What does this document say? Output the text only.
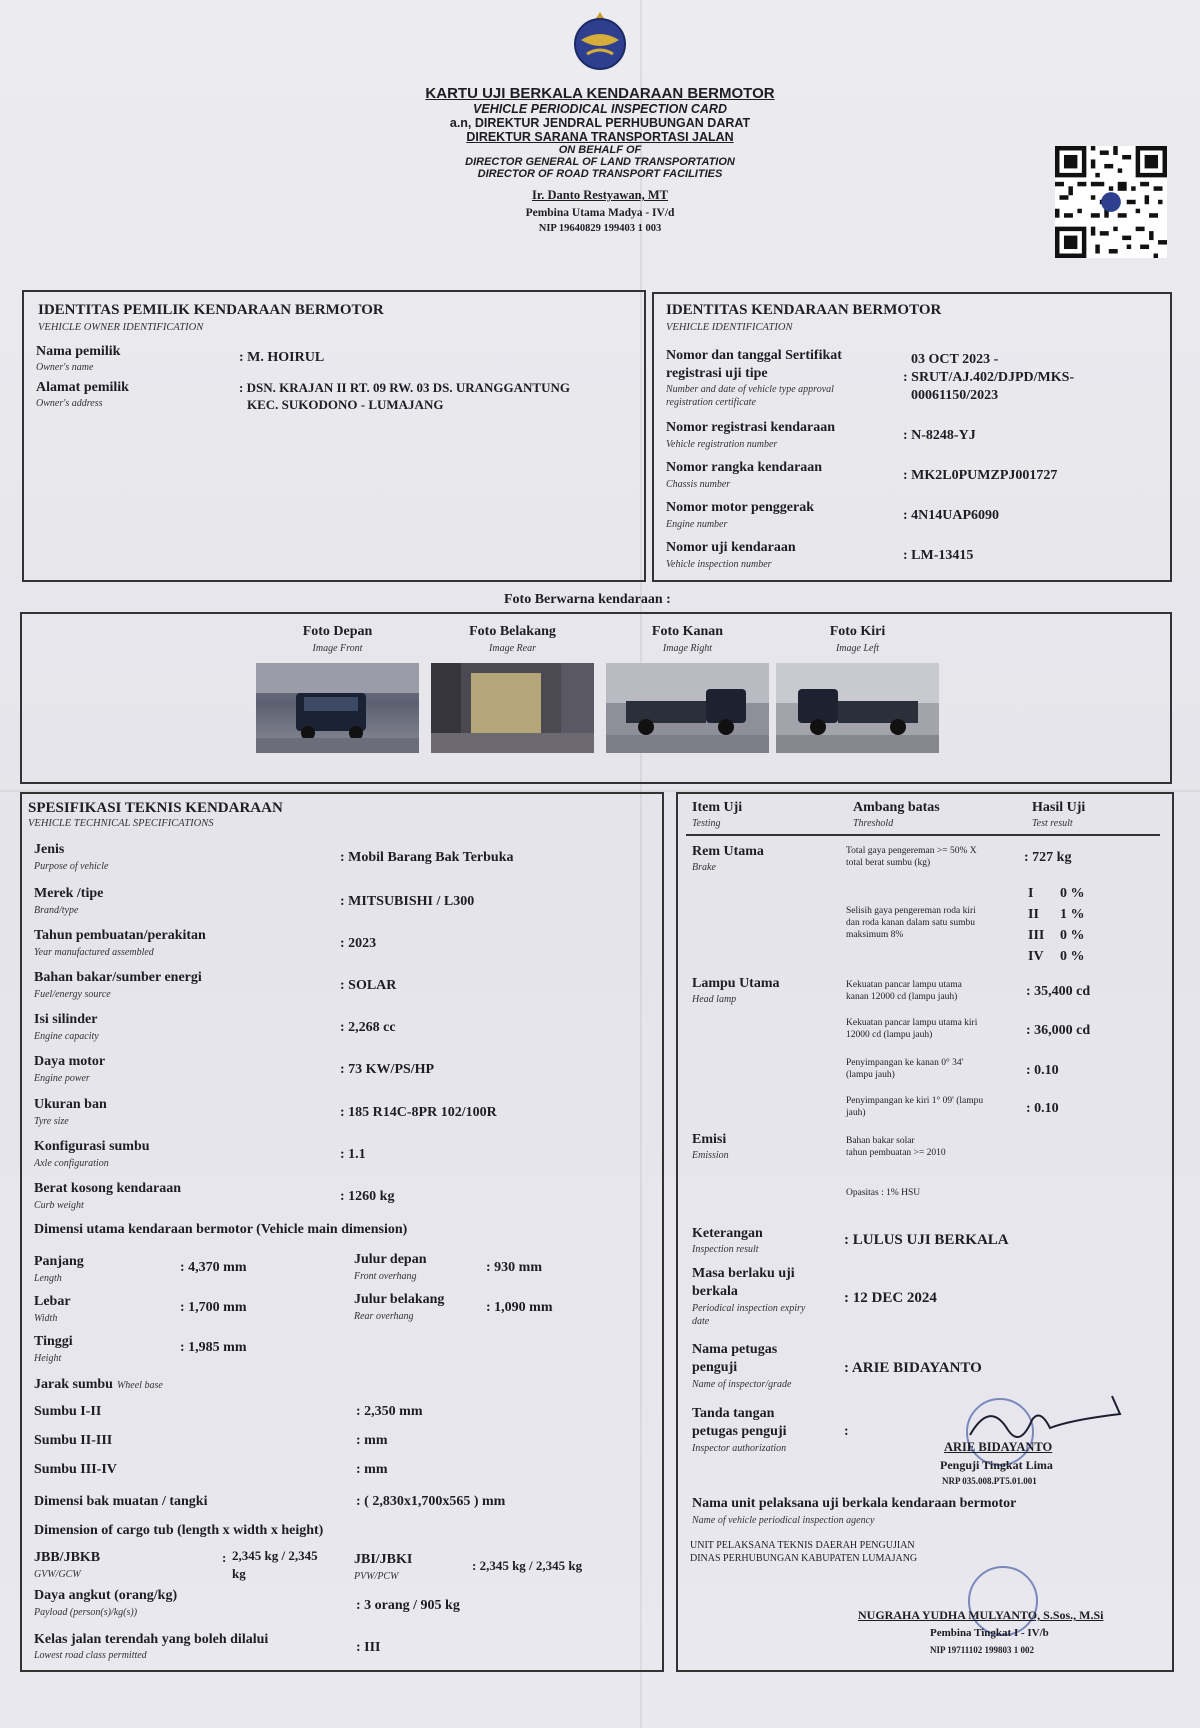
KARTU UJI BERKALA KENDARAAN BERMOTOR
VEHICLE PERIODICAL INSPECTION CARD
a.n, DIREKTUR JENDRAL PERHUBUNGAN DARAT
DIREKTUR SARANA TRANSPORTASI JALAN
ON BEHALF OF
DIRECTOR GENERAL OF LAND TRANSPORTATION
DIRECTOR OF ROAD TRANSPORT FACILITIES
Ir. Danto Restyawan, MT
Pembina Utama Madya - IV/d
NIP 19640829 199403 1 003
IDENTITAS PEMILIK KENDARAAN BERMOTOR
VEHICLE OWNER IDENTIFICATION
Nama pemilik
Owner's name
: M. HOIRUL
Alamat pemilik
Owner's address
: DSN. KRAJAN II RT. 09 RW. 03 DS. URANGGANTUNG
KEC. SUKODONO - LUMAJANG
IDENTITAS KENDARAAN BERMOTOR
VEHICLE IDENTIFICATION
Nomor dan tanggal Sertifikat
registrasi uji tipe
Number and date of vehicle type approval
registration certificate
03 OCT 2023 -
: SRUT/AJ.402/DJPD/MKS-
00061150/2023
Nomor registrasi kendaraan
Vehicle registration number
: N-8248-YJ
Nomor rangka kendaraan
Chassis number
: MK2L0PUMZPJ001727
Nomor motor penggerak
Engine number
: 4N14UAP6090
Nomor uji kendaraan
Vehicle inspection number
: LM-13415
Foto Berwarna kendaraan :
Foto Depan
Image Front
Foto Belakang
Image Rear
Foto Kanan
Image Right
Foto Kiri
Image Left
SPESIFIKASI TEKNIS KENDARAAN
VEHICLE TECHNICAL SPECIFICATIONS
Jenis
Purpose of vehicle
: Mobil Barang Bak Terbuka
Merek /tipe
Brand/type
: MITSUBISHI / L300
Tahun pembuatan/perakitan
Year manufactured assembled
: 2023
Bahan bakar/sumber energi
Fuel/energy source
: SOLAR
Isi silinder
Engine capacity
: 2,268 cc
Daya motor
Engine power
: 73 KW/PS/HP
Ukuran ban
Tyre size
: 185 R14C-8PR 102/100R
Konfigurasi sumbu
Axle configuration
: 1.1
Berat kosong kendaraan
Curb weight
: 1260 kg
Dimensi utama kendaraan bermotor (Vehicle main dimension)
Panjang
Length
: 4,370 mm
Julur depan
Front overhang
: 930 mm
Lebar
Width
: 1,700 mm
Julur belakang
Rear overhang
: 1,090 mm
Tinggi
Height
: 1,985 mm
Jarak sumbu Wheel base
Sumbu I-II	: 2,350 mm
Sumbu II-III	: mm
Sumbu III-IV	: mm
Dimensi bak muatan / tangki	: ( 2,830x1,700x565 ) mm
Dimension of cargo tub (length x width x height)
JBB/JBKB
GVW/GCW
: 2,345 kg / 2,345
kg
JBI/JBKI
PVW/PCW
: 2,345 kg / 2,345 kg
Daya angkut (orang/kg)
Payload (person(s)/kg(s))	: 3 orang / 905 kg
Kelas jalan terendah yang boleh dilalui
Lowest road class permitted
: III
Item Uji
Testing
Ambang batas
Threshold
Hasil Uji
Test result
Rem Utama
Brake
Total gaya pengereman >= 50% X
total berat sumbu (kg)	: 727 kg
Selisih gaya pengereman roda kiri
dan roda kanan dalam satu sumbu
maksimum 8%
I 0 %
II 1 %
III 0 %
IV 0 %
Lampu Utama
Head lamp
Kekuatan pancar lampu utama
kanan 12000 cd (lampu jauh)	: 35,400 cd
Kekuatan pancar lampu utama kiri
12000 cd (lampu jauh)	: 36,000 cd
Penyimpangan ke kanan 0° 34'
(lampu jauh)	: 0.10
Penyimpangan ke kiri 1° 09' (lampu
jauh)	: 0.10
Emisi
Emission
Bahan bakar solar
tahun pembuatan >= 2010
Opasitas : 1% HSU
Keterangan
Inspection result
: LULUS UJI BERKALA
Masa berlaku uji
berkala
Periodical inspection expiry
date
: 12 DEC 2024
Nama petugas
penguji
Name of inspector/grade
: ARIE BIDAYANTO
Tanda tangan
petugas penguji
Inspector authorization
:
ARIE BIDAYANTO
Penguji Tingkat Lima
NRP 035.008.PT5.01.001
Nama unit pelaksana uji berkala kendaraan bermotor
Name of vehicle periodical inspection agency
UNIT PELAKSANA TEKNIS DAERAH PENGUJIAN
DINAS PERHUBUNGAN KABUPATEN LUMAJANG
NUGRAHA YUDHA MULYANTO, S.Sos., M.Si
Pembina Tingkat I - IV/b
NIP 19711102 199803 1 002
